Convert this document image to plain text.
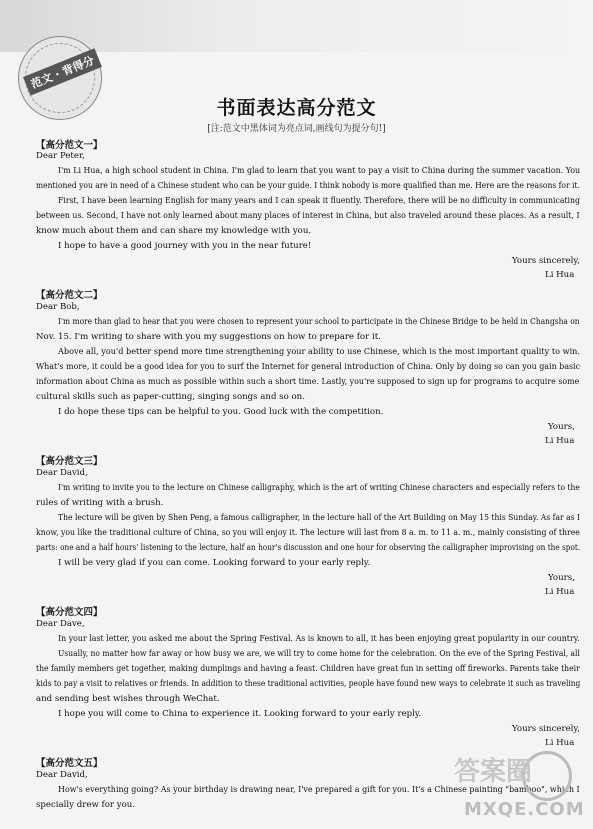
范文 · 背得分
书面表达高分范文
[注:范文中黑体词为亮点词,画线句为提分句!]
【高分范文一】
Dear Peter,
I'm Li Hua, a high school student in China. I'm glad to learn that you want to pay a visit to China during the summer vacation. You
mentioned you are in need of a Chinese student who can be your guide. I think nobody is more qualified than me. Here are the reasons for it.
First, I have been learning English for many years and I can speak it fluently. Therefore, there will be no difficulty in communicating
between us. Second, I have not only learned about many places of interest in China, but also traveled around these places. As a result, I
know much about them and can share my knowledge with you.
I hope to have a good journey with you in the near future!
Yours sincerely,
Li Hua
【高分范文二】
Dear Bob,
I'm more than glad to hear that you were chosen to represent your school to participate in the Chinese Bridge to be held in Changsha on
Nov. 15. I'm writing to share with you my suggestions on how to prepare for it.
Above all, you'd better spend more time strengthening your ability to use Chinese, which is the most important quality to win.
What's more, it could be a good idea for you to surf the Internet for general introduction of China. Only by doing so can you gain basic
information about China as much as possible within such a short time. Lastly, you're supposed to sign up for programs to acquire some
cultural skills such as paper-cutting, singing songs and so on.
I do hope these tips can be helpful to you. Good luck with the competition.
Yours,
Li Hua
【高分范文三】
Dear David,
I'm writing to invite you to the lecture on Chinese calligraphy, which is the art of writing Chinese characters and especially refers to the
rules of writing with a brush.
The lecture will be given by Shen Peng, a famous calligrapher, in the lecture hall of the Art Building on May 15 this Sunday. As far as I
know, you like the traditional culture of China, so you will enjoy it. The lecture will last from 8 a. m. to 11 a. m., mainly consisting of three
parts: one and a half hours' listening to the lecture, half an hour's discussion and one hour for observing the calligrapher improvising on the spot.
I will be very glad if you can come. Looking forward to your early reply.
Yours,
Li Hua
【高分范文四】
Dear Dave,
In your last letter, you asked me about the Spring Festival. As is known to all, it has been enjoying great popularity in our country.
Usually, no matter how far away or how busy we are, we will try to come home for the celebration. On the eve of the Spring Festival, all
the family members get together, making dumplings and having a feast. Children have great fun in setting off fireworks. Parents take their
kids to pay a visit to relatives or friends. In addition to these traditional activities, people have found new ways to celebrate it such as traveling
and sending best wishes through WeChat.
I hope you will come to China to experience it. Looking forward to your early reply.
Yours sincerely,
Li Hua
【高分范文五】
Dear David,
How's everything going? As your birthday is drawing near, I've prepared a gift for you. It's a Chinese painting "bamboo", which I
specially drew for you.
答案圈
MXQE.COM
